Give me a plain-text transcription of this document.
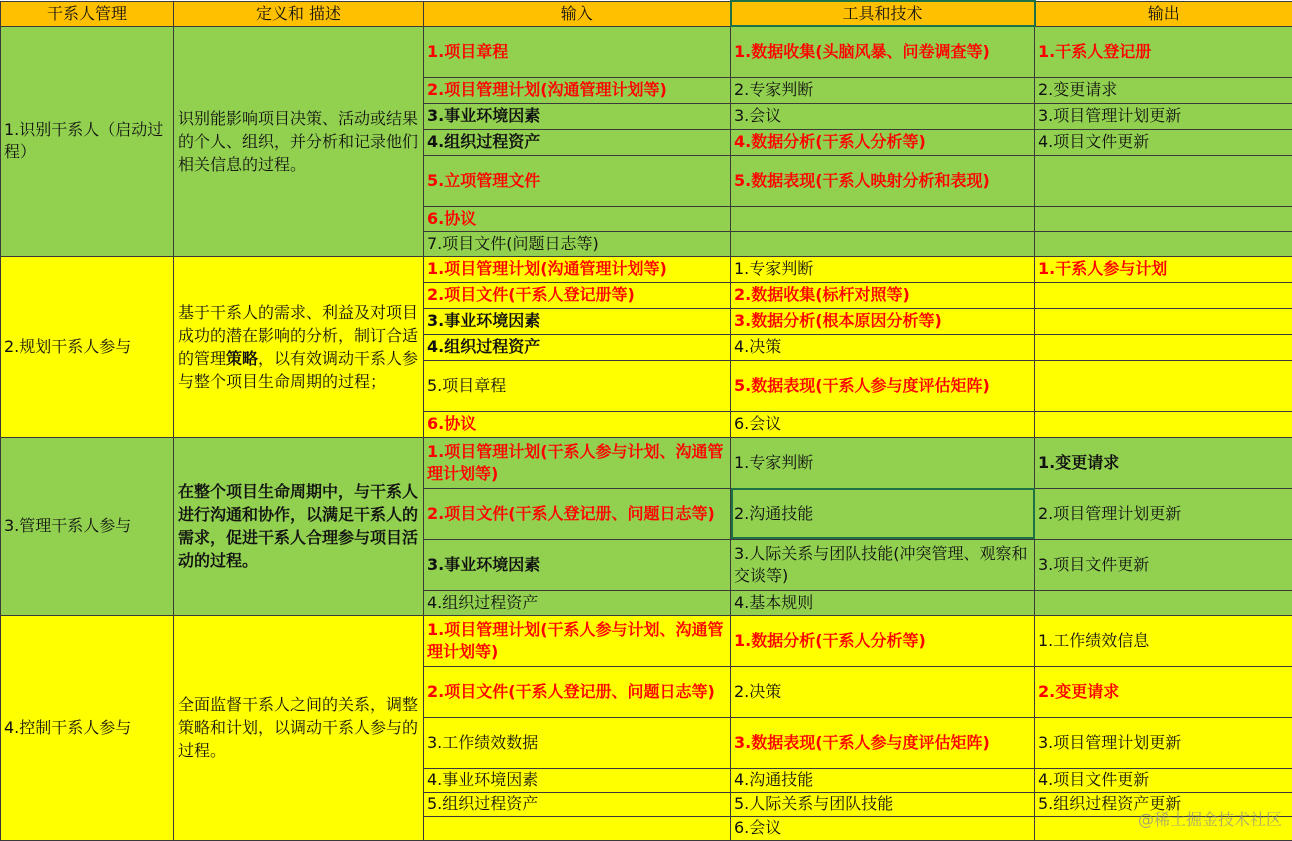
干系人管理	定义和 描述	输入	工具和技术	输出
1.识别干系人（启动过程）	识别能影响项目决策、活动或结果的个人、组织，并分析和记录他们相关信息的过程。	1.项目章程	1.数据收集(头脑风暴、问卷调查等)	1.干系人登记册
		2.项目管理计划(沟通管理计划等)	2.专家判断	2.变更请求
		3.事业环境因素	3.会议	3.项目管理计划更新
		4.组织过程资产	4.数据分析(干系人分析等)	4.项目文件更新
		5.立项管理文件	5.数据表现(干系人映射分析和表现)	
		6.协议		
		7.项目文件(问题日志等)		
2.规划干系人参与	基于干系人的需求、利益及对项目成功的潜在影响的分析，制订合适的管理策略，以有效调动干系人参与整个项目生命周期的过程；	1.项目管理计划(沟通管理计划等)	1.专家判断	1.干系人参与计划
		2.项目文件(干系人登记册等)	2.数据收集(标杆对照等)	
		3.事业环境因素	3.数据分析(根本原因分析等)	
		4.组织过程资产	4.决策	
		5.项目章程	5.数据表现(干系人参与度评估矩阵)	
		6.协议	6.会议	
3.管理干系人参与	在整个项目生命周期中，与干系人进行沟通和协作，以满足干系人的需求，促进干系人合理参与项目活动的过程。	1.项目管理计划(干系人参与计划、沟通管理计划等)	1.专家判断	1.变更请求
		2.项目文件(干系人登记册、问题日志等)	2.沟通技能	2.项目管理计划更新
		3.事业环境因素	3.人际关系与团队技能(冲突管理、观察和交谈等)	3.项目文件更新
		4.组织过程资产	4.基本规则	
4.控制干系人参与	全面监督干系人之间的关系，调整策略和计划，以调动干系人参与的过程。	1.项目管理计划(干系人参与计划、沟通管理计划等)	1.数据分析(干系人分析等)	1.工作绩效信息
		2.项目文件(干系人登记册、问题日志等)	2.决策	2.变更请求
		3.工作绩效数据	3.数据表现(干系人参与度评估矩阵)	3.项目管理计划更新
		4.事业环境因素	4.沟通技能	4.项目文件更新
		5.组织过程资产	5.人际关系与团队技能	5.组织过程资产更新
			6.会议		@稀土掘金技术社区
